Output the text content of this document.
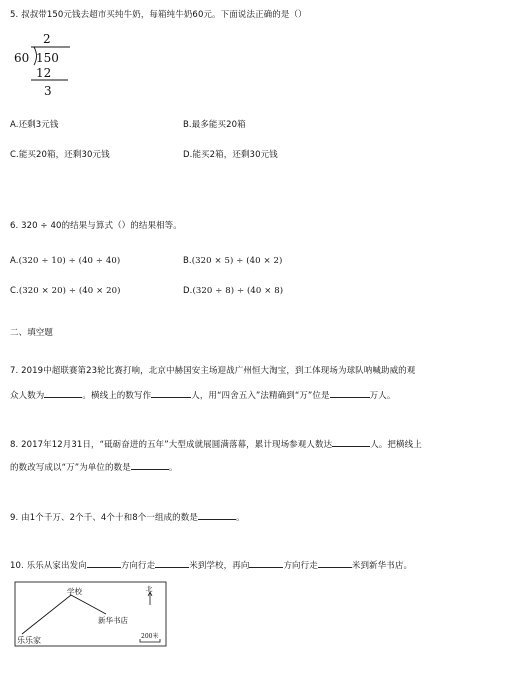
5. 叔叔带150元钱去超市买纯牛奶，每箱纯牛奶60元。下面说法正确的是（）
2
60 150
12
3
A.还剩3元钱	B.最多能买20箱
C.能买20箱，还剩30元钱	D.能买2箱，还剩30元钱
6. 320 ÷ 40的结果与算式（）的结果相等。
A.(320 ÷ 10) ÷ (40 ÷ 40)	B.(320 × 5) ÷ (40 × 2)
C.(320 × 20) ÷ (40 × 20)	D.(320 ÷ 8) ÷ (40 × 8)
二、填空题
7. 2019中超联赛第23轮比赛打响，北京中赫国安主场迎战广州恒大淘宝，到工体现场为球队呐喊助威的观
众人数为	。横线上的数写作	人，用“四舍五入”法精确到“万”位是	万人。
8. 2017年12月31日，“砥砺奋进的五年”大型成就展圆满落幕，累计现场参观人数达	人。把横线上
的数改写成以“万”为单位的数是	。
9. 由1个千万、2个千、4个十和8个一组成的数是	。
10. 乐乐从家出发向	方向行走	米到学校，再向	方向行走	米到新华书店。
学校
新华书店
乐乐家
北
200米
